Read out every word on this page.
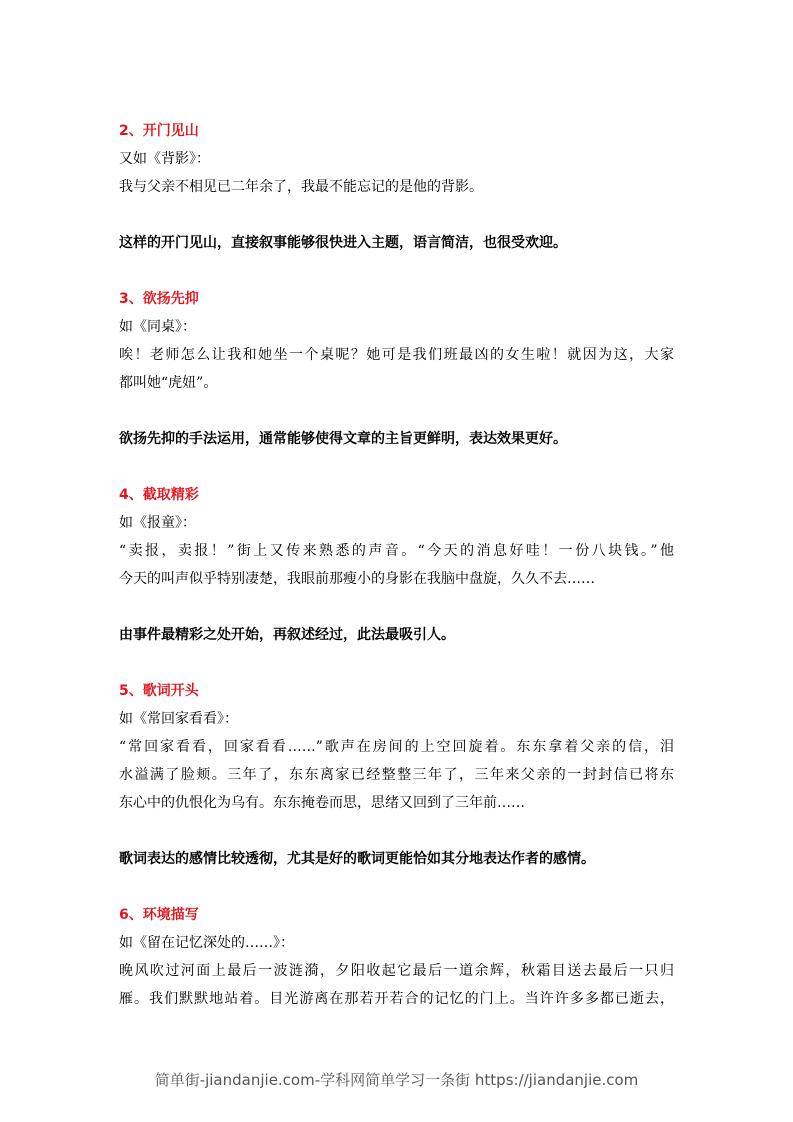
2、开门见山
又如《背影》：
我与父亲不相见已二年余了，我最不能忘记的是他的背影。
这样的开门见山，直接叙事能够很快进入主题，语言简洁，也很受欢迎。
3、欲扬先抑
如《同桌》：
唉！老师怎么让我和她坐一个桌呢？她可是我们班最凶的女生啦！就因为这，大家
都叫她“虎妞”。
欲扬先抑的手法运用，通常能够使得文章的主旨更鲜明，表达效果更好。
4、截取精彩
如《报童》：
“卖报，卖报！”街上又传来熟悉的声音。“今天的消息好哇！一份八块钱。”他
今天的叫声似乎特别凄楚，我眼前那瘦小的身影在我脑中盘旋，久久不去……
由事件最精彩之处开始，再叙述经过，此法最吸引人。
5、歌词开头
如《常回家看看》：
“常回家看看，回家看看……”歌声在房间的上空回旋着。东东拿着父亲的信，泪
水溢满了脸颊。三年了，东东离家已经整整三年了，三年来父亲的一封封信已将东
东心中的仇恨化为乌有。东东掩卷而思，思绪又回到了三年前……
歌词表达的感情比较透彻，尤其是好的歌词更能恰如其分地表达作者的感情。
6、环境描写
如《留在记忆深处的……》：
晚风吹过河面上最后一波涟漪，夕阳收起它最后一道余辉，秋霜目送去最后一只归
雁。我们默默地站着。目光游离在那若开若合的记忆的门上。当许许多多都已逝去，
简单街-jiandanjie.com-学科网简单学习一条街 https://jiandanjie.com
